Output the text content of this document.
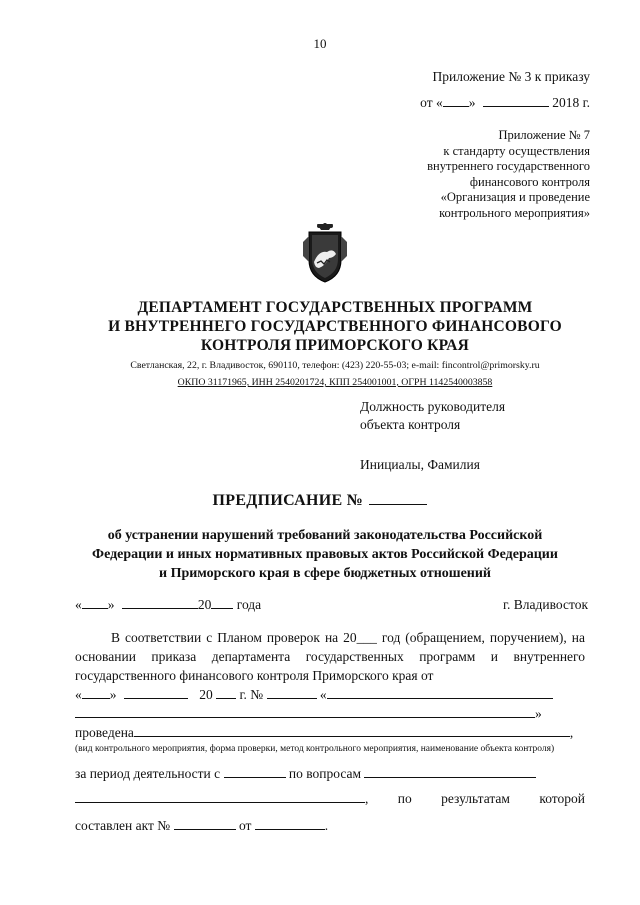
10
Приложение № 3 к приказу
от « »	2018 г.
Приложение № 7
к стандарту осуществления
внутреннего государственного
финансового контроля
«Организация и проведение
контрольного мероприятия»
ДЕПАРТАМЕНТ ГОСУДАРСТВЕННЫХ ПРОГРАММ
И ВНУТРЕННЕГО ГОСУДАРСТВЕННОГО ФИНАНСОВОГО
КОНТРОЛЯ ПРИМОРСКОГО КРАЯ
Светланская, 22, г. Владивосток, 690110, телефон: (423) 220-55-03; e-mail: fincontrol@primorsky.ru
ОКПО 31171965, ИНН 2540201724, КПП 254001001, ОГРН 1142540003858
Должность руководителя
объекта контроля
Инициалы, Фамилия
ПРЕДПИСАНИЕ №
об устранении нарушений требований законодательства Российской
Федерации и иных нормативных правовых актов Российской Федерации
и Приморского края в сфере бюджетных отношений
« »	20 года	г. Владивосток
В соответствии с Планом проверок на 20___ год (обращением, поручением), на основании приказа департамента государственных программ и внутреннего государственного финансового контроля Приморского края от
« »	20 г. №	«
»
проведена	,
(вид контрольного мероприятия, форма проверки, метод контрольного мероприятия, наименование объекта контроля)
за период деятельности с	по вопросам
, по результатам которой
составлен акт №	от	.
